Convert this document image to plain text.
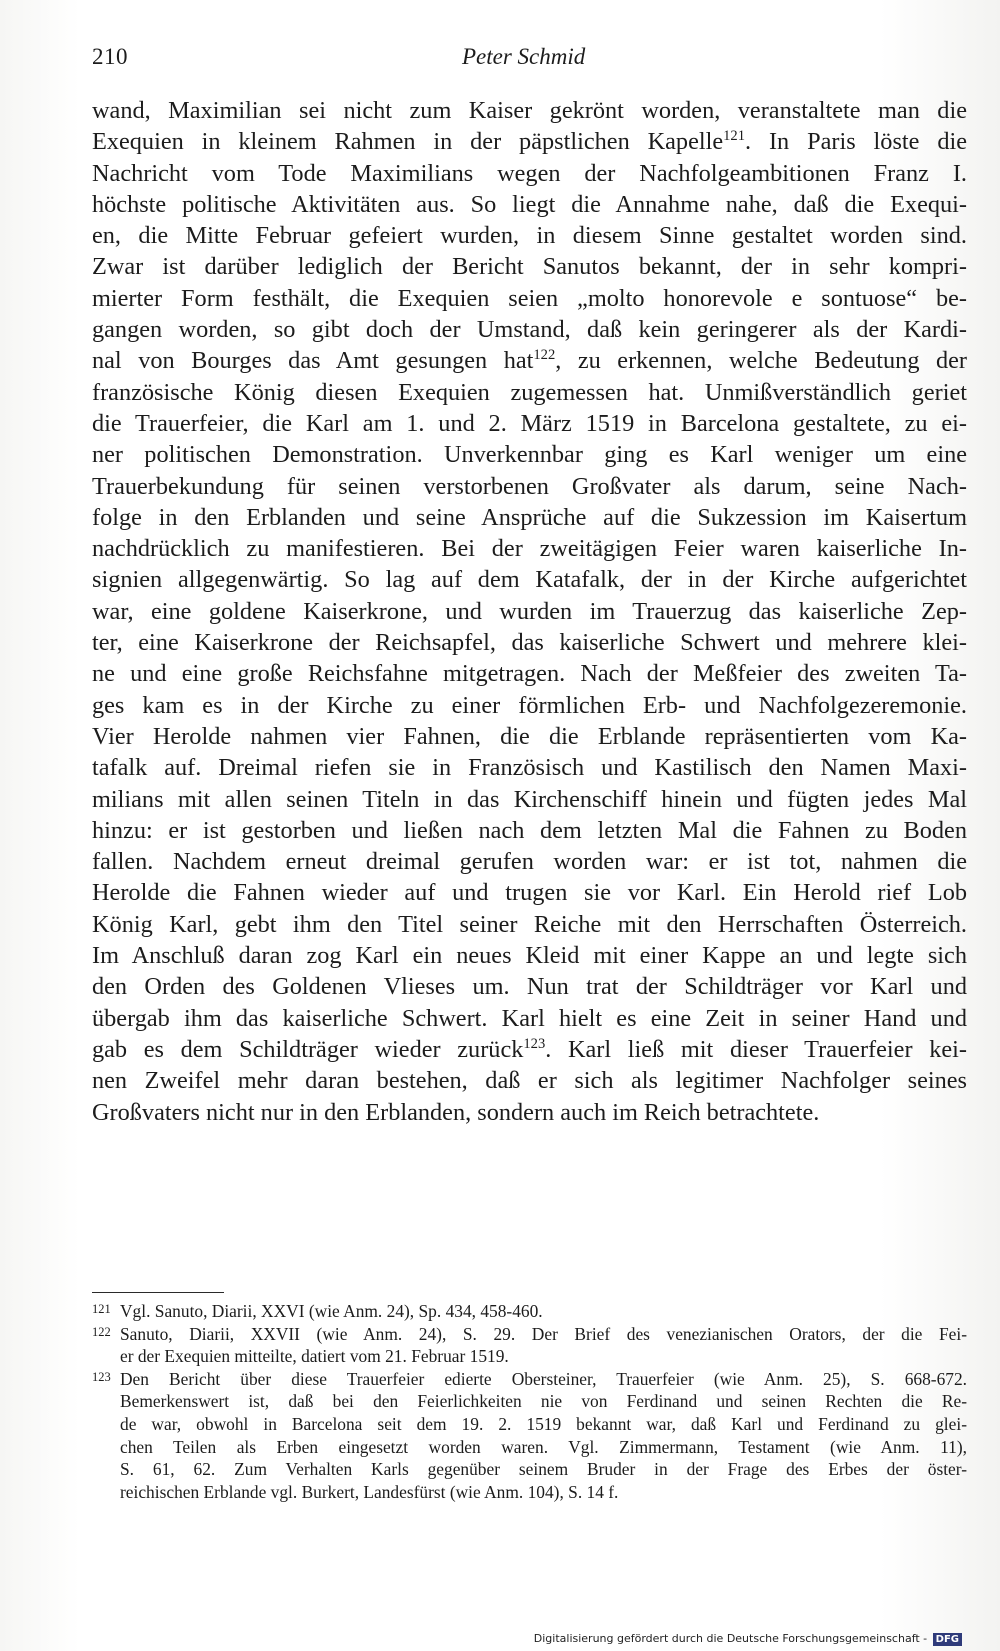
210	Peter Schmid
wand, Maximilian sei nicht zum Kaiser gekrönt worden, veranstaltete man die
Exequien in kleinem Rahmen in der päpstlichen Kapelle$^{121}$. In Paris löste die
Nachricht vom Tode Maximilians wegen der Nachfolgeambitionen Franz I.
höchste politische Aktivitäten aus. So liegt die Annahme nahe, daß die Exequi-
en, die Mitte Februar gefeiert wurden, in diesem Sinne gestaltet worden sind.
Zwar ist darüber lediglich der Bericht Sanutos bekannt, der in sehr kompri-
mierter Form festhält, die Exequien seien „molto honorevole e sontuose“ be-
gangen worden, so gibt doch der Umstand, daß kein geringerer als der Kardi-
nal von Bourges das Amt gesungen hat$^{122}$, zu erkennen, welche Bedeutung der
französische König diesen Exequien zugemessen hat. Unmißverständlich geriet
die Trauerfeier, die Karl am 1. und 2. März 1519 in Barcelona gestaltete, zu ei-
ner politischen Demonstration. Unverkennbar ging es Karl weniger um eine
Trauerbekundung für seinen verstorbenen Großvater als darum, seine Nach-
folge in den Erblanden und seine Ansprüche auf die Sukzession im Kaisertum
nachdrücklich zu manifestieren. Bei der zweitägigen Feier waren kaiserliche In-
signien allgegenwärtig. So lag auf dem Katafalk, der in der Kirche aufgerichtet
war, eine goldene Kaiserkrone, und wurden im Trauerzug das kaiserliche Zep-
ter, eine Kaiserkrone der Reichsapfel, das kaiserliche Schwert und mehrere klei-
ne und eine große Reichsfahne mitgetragen. Nach der Meßfeier des zweiten Ta-
ges kam es in der Kirche zu einer förmlichen Erb- und Nachfolgezeremonie.
Vier Herolde nahmen vier Fahnen, die die Erblande repräsentierten vom Ka-
tafalk auf. Dreimal riefen sie in Französisch und Kastilisch den Namen Maxi-
milians mit allen seinen Titeln in das Kirchenschiff hinein und fügten jedes Mal
hinzu: er ist gestorben und ließen nach dem letzten Mal die Fahnen zu Boden
fallen. Nachdem erneut dreimal gerufen worden war: er ist tot, nahmen die
Herolde die Fahnen wieder auf und trugen sie vor Karl. Ein Herold rief Lob
König Karl, gebt ihm den Titel seiner Reiche mit den Herrschaften Österreich.
Im Anschluß daran zog Karl ein neues Kleid mit einer Kappe an und legte sich
den Orden des Goldenen Vlieses um. Nun trat der Schildträger vor Karl und
übergab ihm das kaiserliche Schwert. Karl hielt es eine Zeit in seiner Hand und
gab es dem Schildträger wieder zurück$^{123}$. Karl ließ mit dieser Trauerfeier kei-
nen Zweifel mehr daran bestehen, daß er sich als legitimer Nachfolger seines
Großvaters nicht nur in den Erblanden, sondern auch im Reich betrachtete.
121 Vgl. Sanuto, Diarii, XXVI (wie Anm. 24), Sp. 434, 458-460.
122 Sanuto, Diarii, XXVII (wie Anm. 24), S. 29. Der Brief des venezianischen Orators, der die Fei-
er der Exequien mitteilte, datiert vom 21. Februar 1519.
123 Den Bericht über diese Trauerfeier edierte Obersteiner, Trauerfeier (wie Anm. 25), S. 668-672.
Bemerkenswert ist, daß bei den Feierlichkeiten nie von Ferdinand und seinen Rechten die Re-
de war, obwohl in Barcelona seit dem 19. 2. 1519 bekannt war, daß Karl und Ferdinand zu glei-
chen Teilen als Erben eingesetzt worden waren. Vgl. Zimmermann, Testament (wie Anm. 11),
S. 61, 62. Zum Verhalten Karls gegenüber seinem Bruder in der Frage des Erbes der öster-
reichischen Erblande vgl. Burkert, Landesfürst (wie Anm. 104), S. 14 f.
Digitalisierung gefördert durch die Deutsche Forschungsgemeinschaft - DFG
